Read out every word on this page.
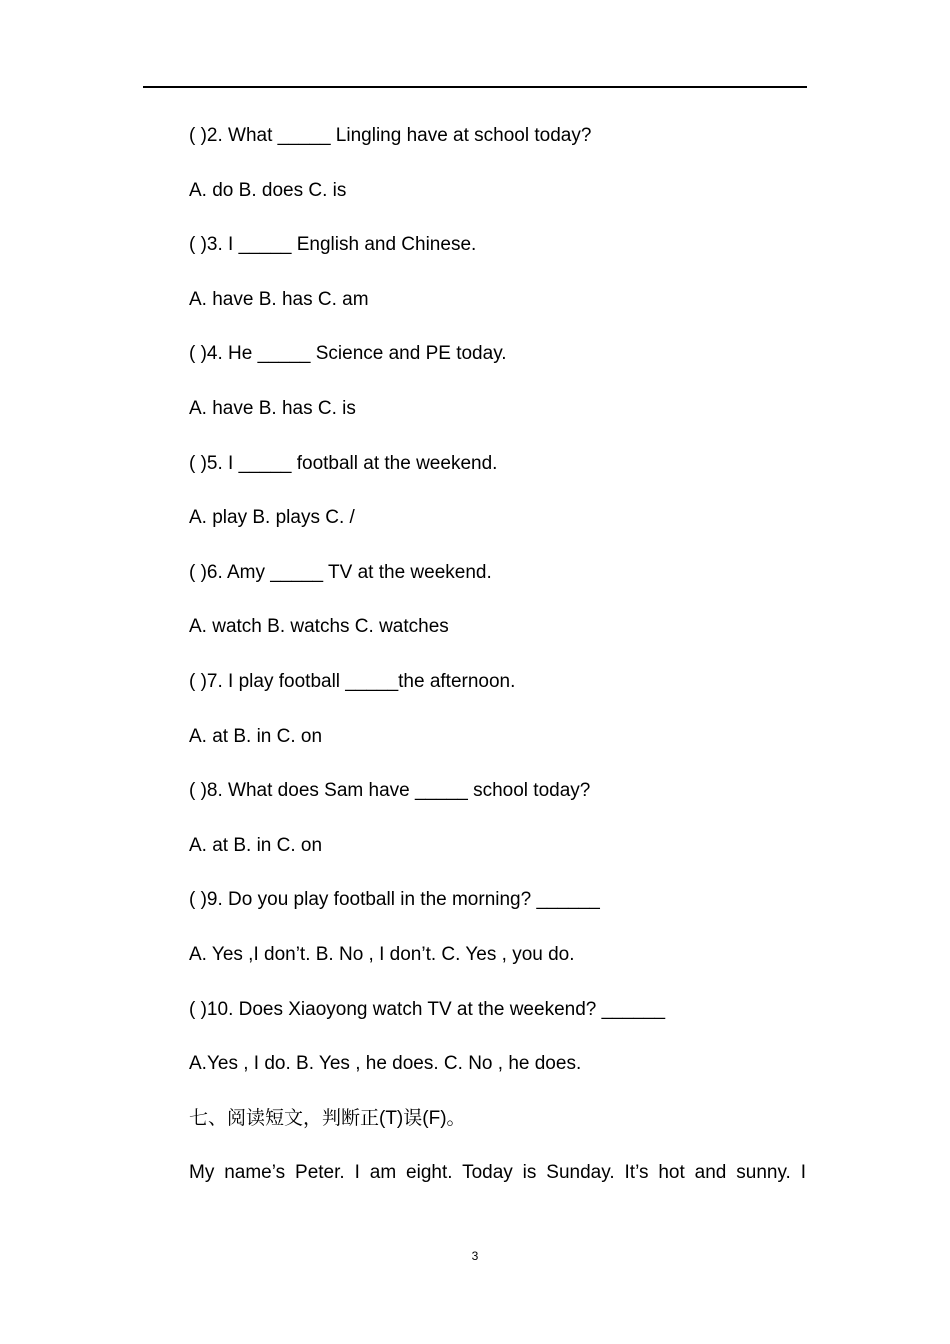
( )2. What _____ Lingling have at school today?
A. do B. does C. is
( )3. I _____ English and Chinese.
A. have B. has C. am
( )4. He _____ Science and PE today.
A. have B. has C. is
( )5. I _____ football at the weekend.
A. play B. plays C. /
( )6. Amy _____ TV at the weekend.
A. watch B. watchs C. watches
( )7. I play football _____the afternoon.
A. at B. in C. on
( )8. What does Sam have _____ school today?
A. at B. in C. on
( )9. Do you play football in the morning? ______
A. Yes ,I don’t. B. No , I don’t. C. Yes , you do.
( )10. Does Xiaoyong watch TV at the weekend? ______
A.Yes , I do. B. Yes , he does. C. No , he does.
七、阅读短文，判断正(T)误(F)。
My name’s Peter. I am eight. Today is Sunday. It’s hot and sunny. I
3
